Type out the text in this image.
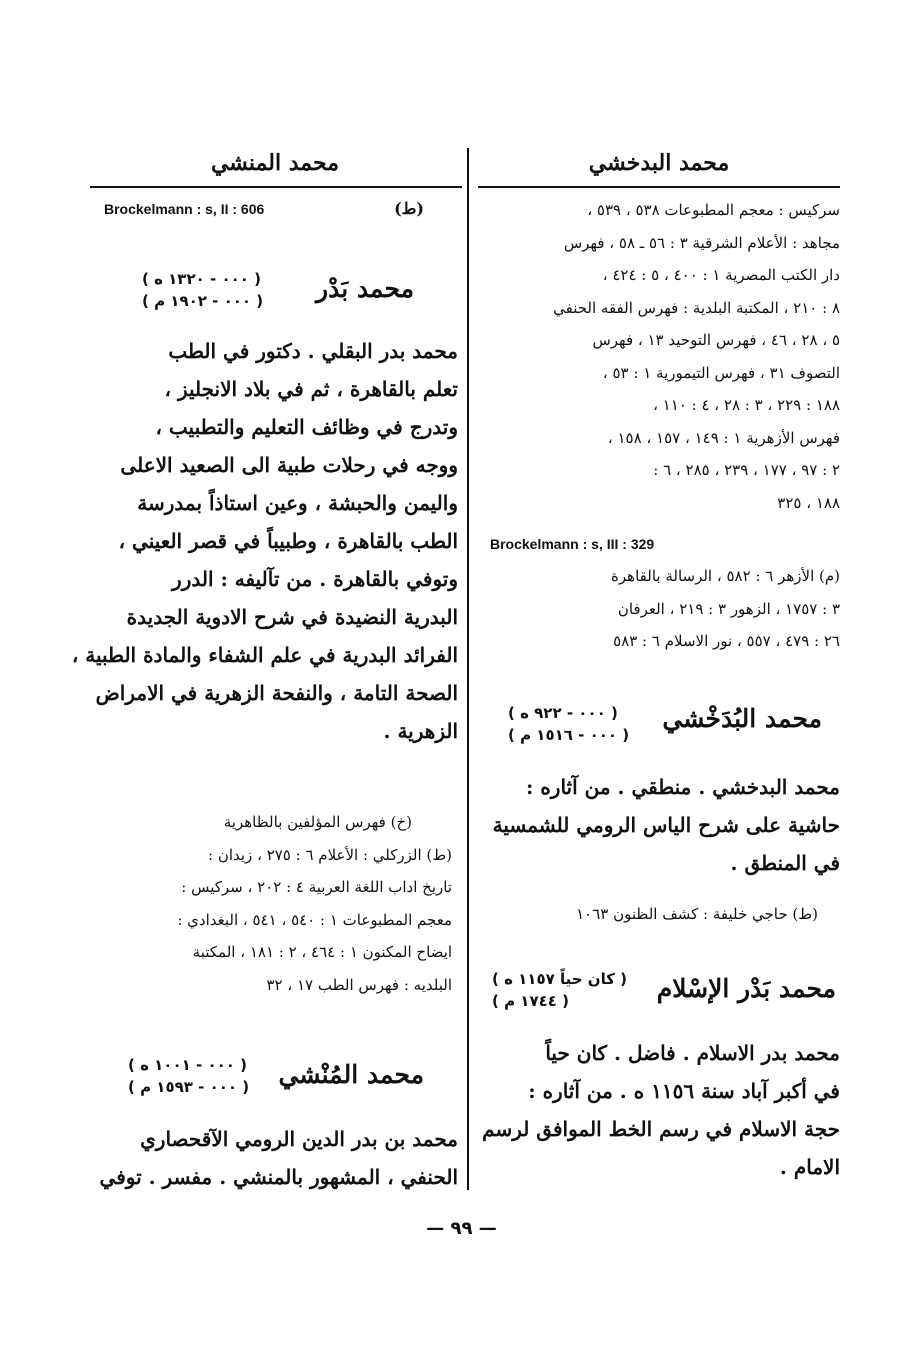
محمد البدخشي
محمد المنشي
سركيس : معجم المطبوعات ٥٣٨ ، ٥٣٩ ،
مجاهد : الأعلام الشرقية ٣ : ٥٦ ـ ٥٨ ، فهرس
دار الكتب المصرية ١ : ٤٠٠ ، ٥ : ٤٢٤ ،
٨ : ٢١٠ ، المكتبة البلدية : فهرس الفقه الحنفي
٥ ، ٢٨ ، ٤٦ ، فهرس التوحيد ١٣ ، فهرس
التصوف ٣١ ، فهرس التيمورية ١ : ٥٣ ،
١٨٨ : ٢٢٩ ، ٣ : ٢٨ ، ٤ : ١١٠ ،
فهرس الأزهرية ١ : ١٤٩ ، ١٥٧ ، ١٥٨ ،
٢ : ٩٧ ، ١٧٧ ، ٢٣٩ ، ٢٨٥ ، ٦ :
١٨٨ ، ٣٢٥
Brockelmann : s, III : 329
(م) الأزهر ٦ : ٥٨٢ ، الرسالة بالقاهرة
٣ : ١٧٥٧ ، الزهور ٣ : ٢١٩ ، العرفان
٢٦ : ٤٧٩ ، ٥٥٧ ، نور الاسلام ٦ : ٥٨٣
محمد البُدَخْشي
( ٠٠٠ - ٩٢٢ ه )
( ٠٠٠ - ١٥١٦ م )
محمد البدخشي . منطقي . من آثاره :
حاشية على شرح الياس الرومي للشمسية
في المنطق .
(ط) حاجي خليفة : كشف الظنون ١٠٦٣
محمد بَدْر الإسْلام
( كان حياً ١١٥٧ ه )
( ١٧٤٤ م )
محمد بدر الاسلام . فاضل . كان حياً
في أكبر آباد سنة ١١٥٦ ه . من آثاره :
حجة الاسلام في رسم الخط الموافق لرسم
الامام .
Brockelmann : s, II : 606	(ط)
محمد بَدْر
( ٠٠٠ - ١٣٢٠ ه )
( ٠٠٠ - ١٩٠٢ م )
محمد بدر البقلي . دكتور في الطب
تعلم بالقاهرة ، ثم في بلاد الانجليز ،
وتدرج في وظائف التعليم والتطبيب ،
ووجه في رحلات طبية الى الصعيد الاعلى
واليمن والحبشة ، وعين استاذاً بمدرسة
الطب بالقاهرة ، وطبيباً في قصر العيني ،
وتوفي بالقاهرة . من تآليفه : الدرر
البدرية النضيدة في شرح الادوية الجديدة
الفرائد البدرية في علم الشفاء والمادة الطبية ،
الصحة التامة ، والنفحة الزهرية في الامراض
الزهرية .
(خ) فهرس المؤلفين بالظاهرية
(ط) الزركلي : الأعلام ٦ : ٢٧٥ ، زيدان :
تاريخ اداب اللغة العربية ٤ : ٢٠٢ ، سركيس :
معجم المطبوعات ١ : ٥٤٠ ، ٥٤١ ، البغدادي :
ايضاح المكنون ١ : ٤٦٤ ، ٢ : ١٨١ ، المكتبة
البلديه : فهرس الطب ١٧ ، ٣٢
محمد المُنْشي
( ٠٠٠ - ١٠٠١ ه )
( ٠٠٠ - ١٥٩٣ م )
محمد بن بدر الدين الرومي الآقحصاري
الحنفي ، المشهور بالمنشي . مفسر . توفي
— ٩٩ —
